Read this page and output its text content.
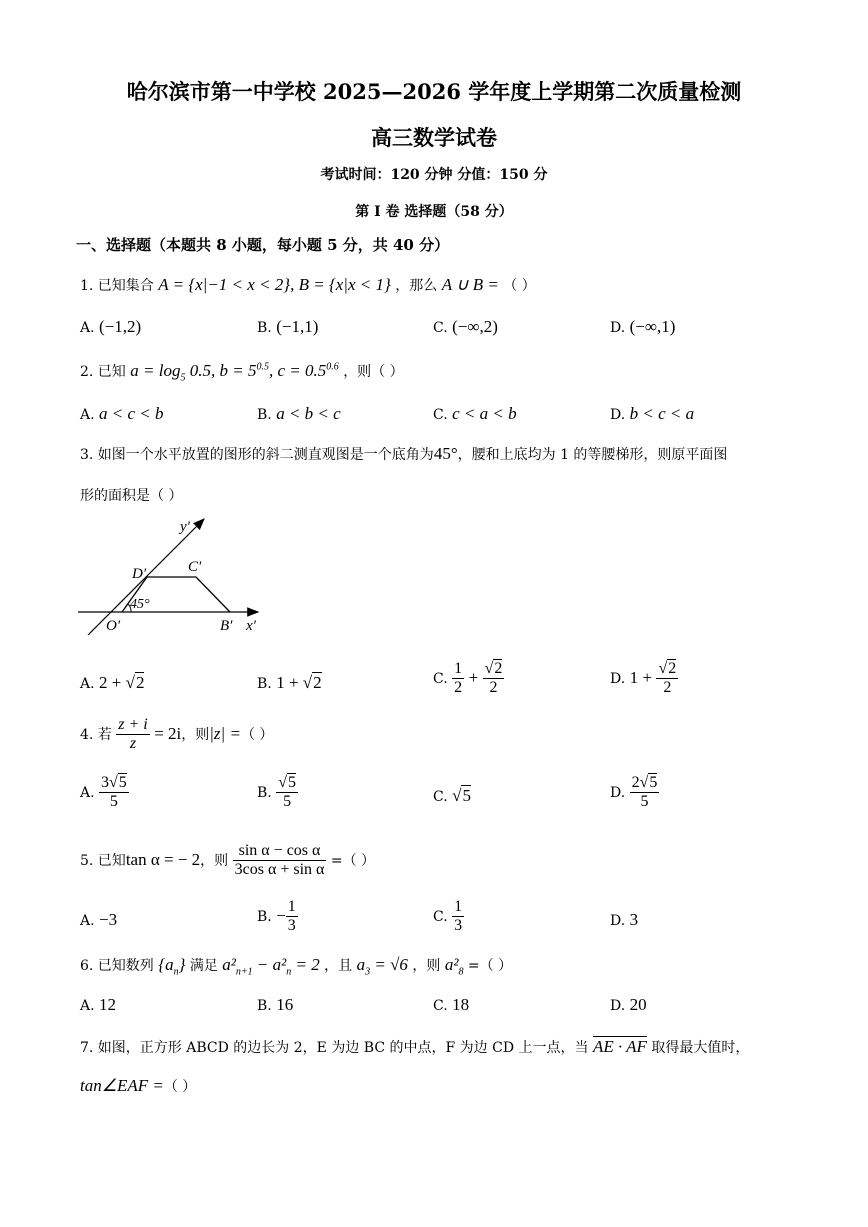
哈尔滨市第一中学校 2025—2026 学年度上学期第二次质量检测
高三数学试卷
考试时间：120 分钟 分值：150 分
第 I 卷 选择题（58 分）
一、选择题（本题共 8 小题，每小题 5 分，共 40 分）
1. 已知集合 A = {x|−1 < x < 2}, B = {x|x < 1} ，那么 A ∪ B = （ ）
A. (−1,2)	B. (−1,1)	C. (−∞,2)	D. (−∞,1)
2. 已知 $a = \log_5 0.5$, $b = 5^{0.5}$, $c = 0.5^{0.6}$ ，则（ ）
A. a < c < b	B. a < b < c	C. c < a < b	D. b < c < a
3. 如图一个水平放置的图形的斜二测直观图是一个底角为45°，腰和上底均为 1 的等腰梯形，则原平面图
形的面积是（ ）
y′
x′
D′	C′
O′	B′
45°
A. 2 + √2	B. 1 + √2	C. $\frac{1}{2} + \frac{√2}{2}$	D. $1 + \frac{√2}{2}$
4. 若 $\frac{z + i}{z} = 2i$，则|z| =（ ）
A. $\frac{3√5}{5}$	B. $\frac{√5}{5}$	C. √5	D. $\frac{2√5}{5}$
5. 已知tan α = − 2，则 $\frac{\text{sin α − cos α}}{\text{3cos α + sin α}}$ =（ ）
A. −3	B. − $\frac{1}{3}$	C. $\frac{1}{3}$	D. 3
6. 已知数列 $\{a_n\}$ 满足 $a^2_{n+1} - a^2_n = 2$ ，且 $a_3 = √6$ ，则 $a^2_8$ =（ ）
A. 12	B. 16	C. 18	D. 20
7. 如图，正方形 ABCD 的边长为 2，E 为边 BC 的中点，F 为边 CD 上一点，当 AE · AF 取得最大值时，
tan∠EAF =（ ）
